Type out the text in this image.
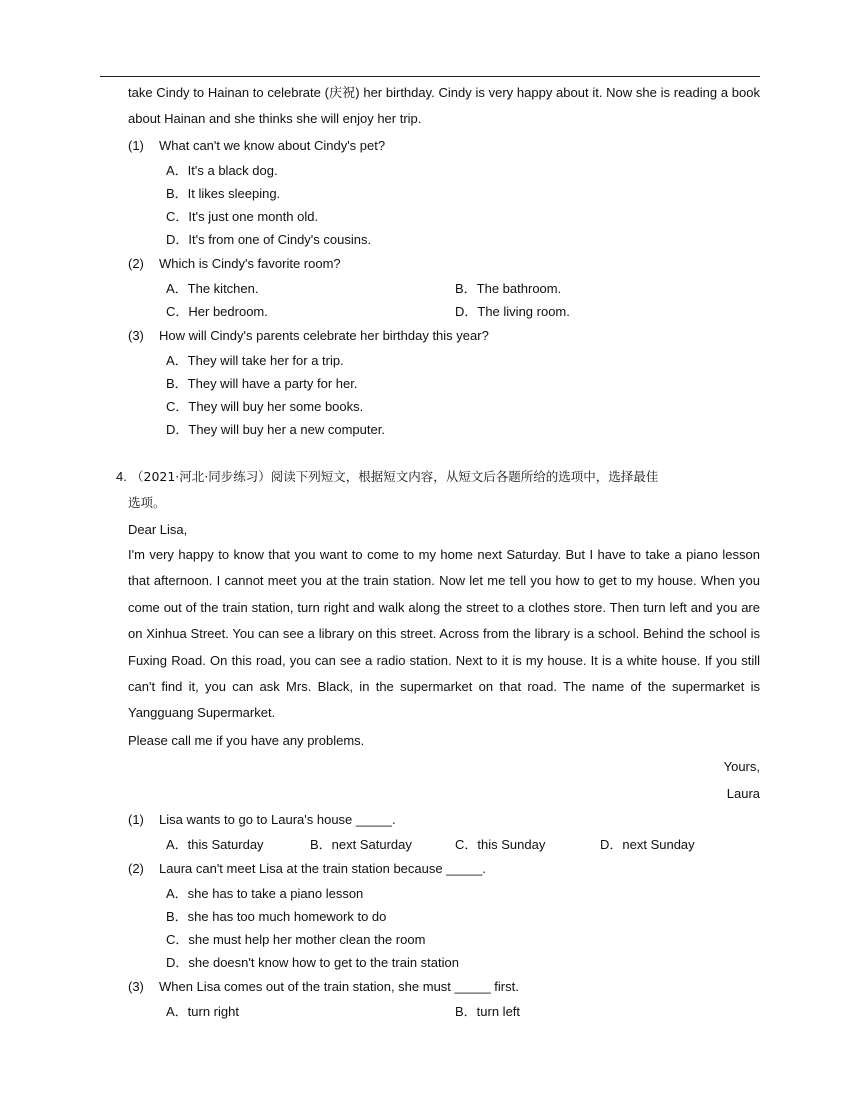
take Cindy to Hainan to celebrate (庆祝) her birthday. Cindy is very happy about it. Now she is reading a book about Hainan and she thinks she will enjoy her trip.
(1) What can't we know about Cindy's pet?
A．It's a black dog.
B．It likes sleeping.
C．It's just one month old.
D．It's from one of Cindy's cousins.
(2) Which is Cindy's favorite room?
A．The kitchen.	B．The bathroom.
C．Her bedroom.	D．The living room.
(3) How will Cindy's parents celebrate her birthday this year?
A．They will take her for a trip.
B．They will have a party for her.
C．They will buy her some books.
D．They will buy her a new computer.
4. （2021·河北·同步练习）阅读下列短文，根据短文内容，从短文后各题所给的选项中，选择最佳
选项。
Dear Lisa,
I'm very happy to know that you want to come to my home next Saturday. But I have to take a piano lesson that afternoon. I cannot meet you at the train station. Now let me tell you how to get to my house. When you come out of the train station, turn right and walk along the street to a clothes store. Then turn left and you are on Xinhua Street. You can see a library on this street. Across from the library is a school. Behind the school is Fuxing Road. On this road, you can see a radio station. Next to it is my house. It is a white house. If you still can't find it, you can ask Mrs. Black, in the supermarket on that road. The name of the supermarket is Yangguang Supermarket.
Please call me if you have any problems.
Yours,
Laura
(1) Lisa wants to go to Laura's house _____.
A．this Saturday	B．next Saturday	C．this Sunday	D．next Sunday
(2) Laura can't meet Lisa at the train station because _____.
A．she has to take a piano lesson
B．she has too much homework to do
C．she must help her mother clean the room
D．she doesn't know how to get to the train station
(3) When Lisa comes out of the train station, she must _____ first.
A．turn right	B．turn left
